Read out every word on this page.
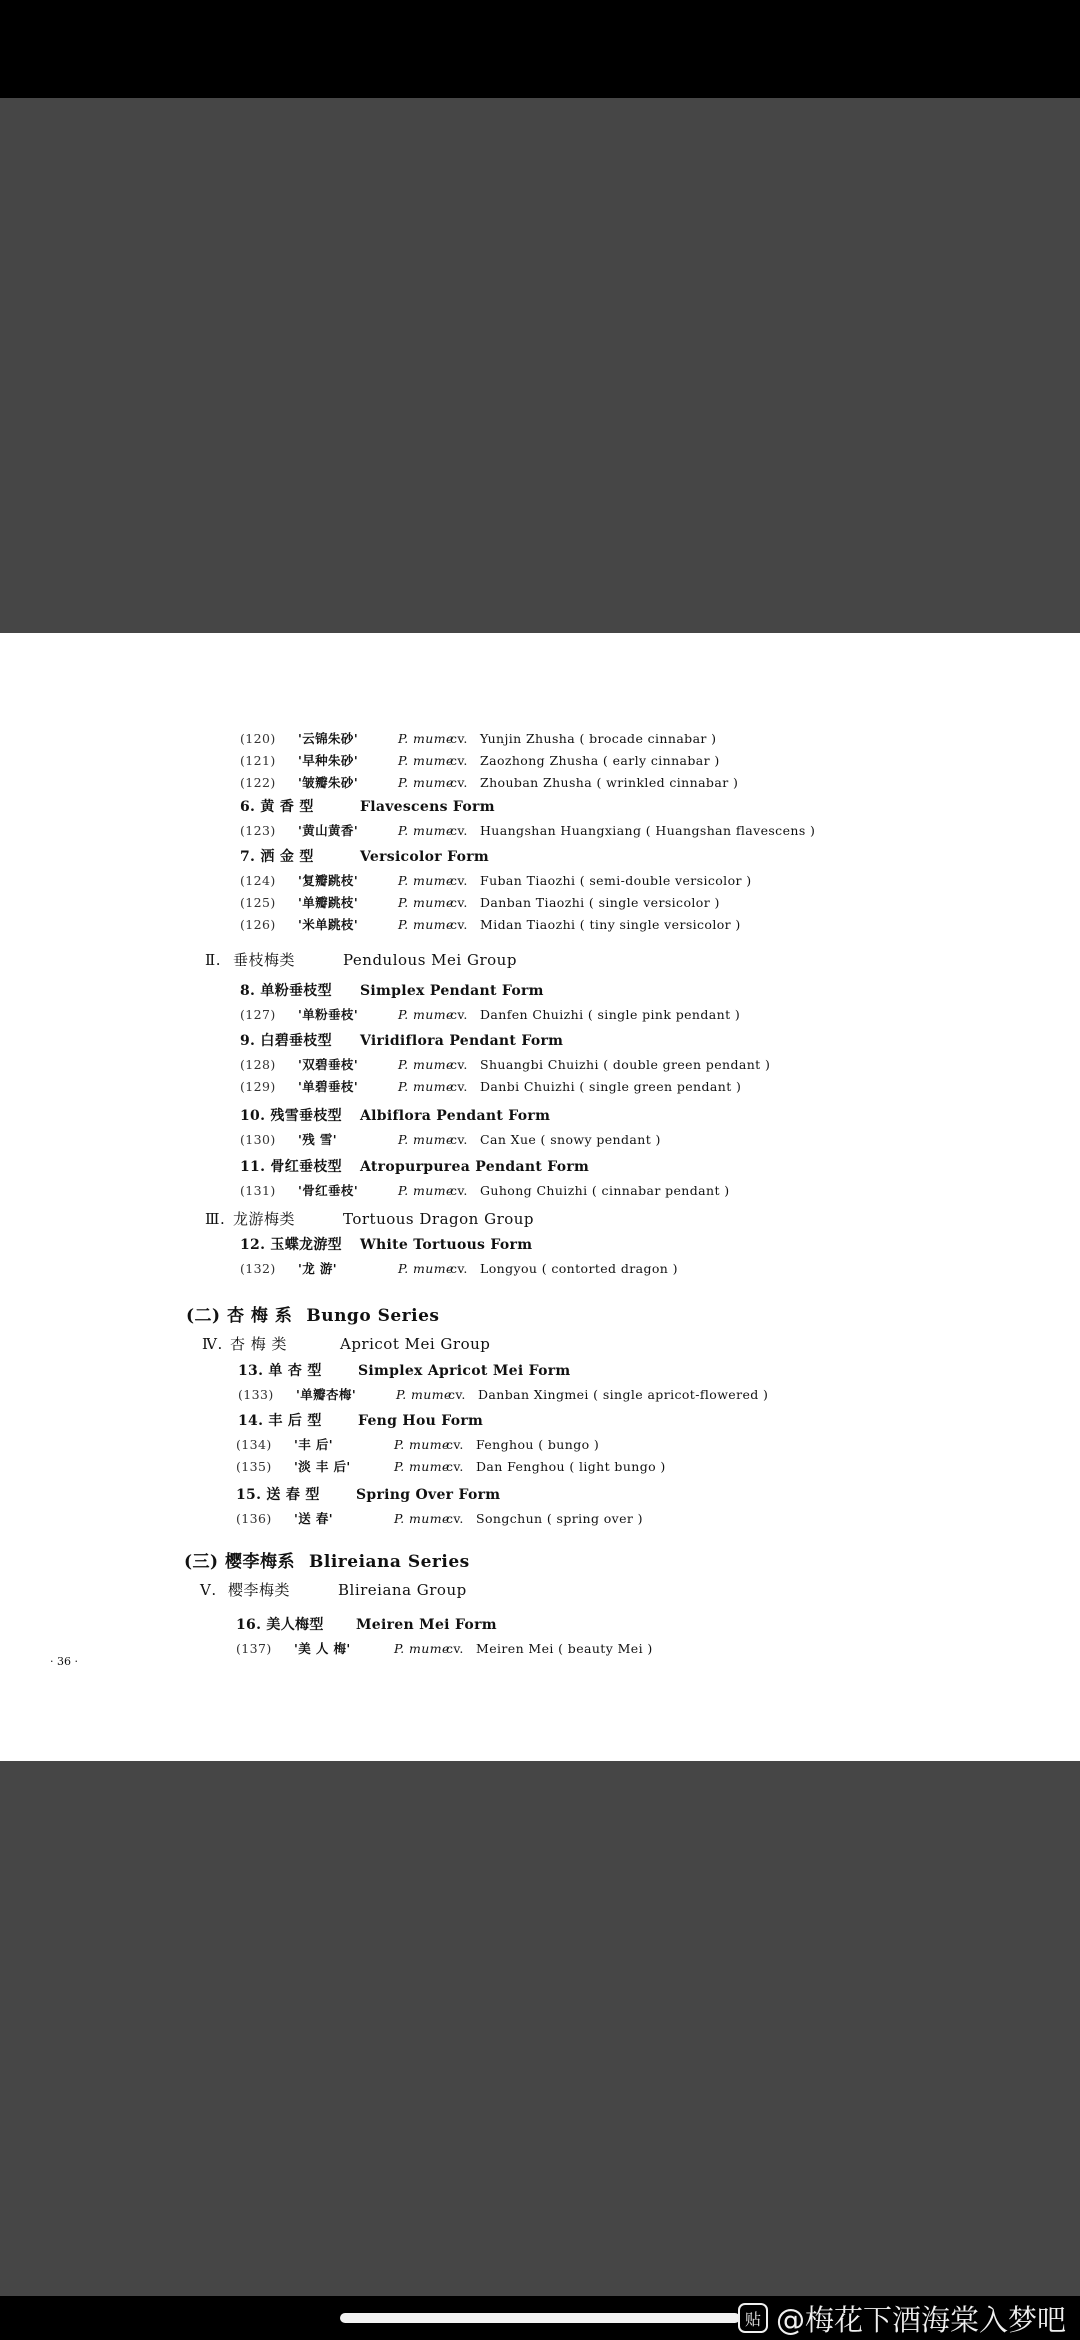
(120) '云锦朱砂'	P. mumecv. Yunjin Zhusha ( brocade cinnabar )
(121) '早种朱砂'	P. mumecv. Zaozhong Zhusha ( early cinnabar )
(122) '皱瓣朱砂'	P. mumecv. Zhouban Zhusha ( wrinkled cinnabar )
6. 黄 香 型	Flavescens Form
(123) '黄山黄香'	P. mumecv. Huangshan Huangxiang ( Huangshan flavescens )
7. 洒 金 型	Versicolor Form
(124) '复瓣跳枝'	P. mumecv. Fuban Tiaozhi ( semi-double versicolor )
(125) '单瓣跳枝'	P. mumecv. Danban Tiaozhi ( single versicolor )
(126) '米单跳枝'	P. mumecv. Midan Tiaozhi ( tiny single versicolor )
Ⅱ. 垂枝梅类	Pendulous Mei Group
8. 单粉垂枝型 Simplex Pendant Form
(127) '单粉垂枝'	P. mumecv. Danfen Chuizhi ( single pink pendant )
9. 白碧垂枝型 Viridiflora Pendant Form
(128) '双碧垂枝'	P. mumecv. Shuangbi Chuizhi ( double green pendant )
(129) '单碧垂枝'	P. mumecv. Danbi Chuizhi ( single green pendant )
10. 残雪垂枝型 Albiflora Pendant Form
(130) '残 雪'	P. mumecv. Can Xue ( snowy pendant )
11. 骨红垂枝型 Atropurpurea Pendant Form
(131) '骨红垂枝'	P. mumecv. Guhong Chuizhi ( cinnabar pendant )
Ⅲ. 龙游梅类	Tortuous Dragon Group
12. 玉蝶龙游型 White Tortuous Form
(132) '龙 游'	P. mumecv. Longyou ( contorted dragon )
(二) 杏 梅 系 Bungo Series
Ⅳ. 杏 梅 类	Apricot Mei Group
13. 单 杏 型	Simplex Apricot Mei Form
(133) '单瓣杏梅'	P. mumecv. Danban Xingmei ( single apricot-flowered )
14. 丰 后 型	Feng Hou Form
(134) '丰 后'	P. mumecv. Fenghou ( bungo )
(135) '淡 丰 后'	P. mumecv. Dan Fenghou ( light bungo )
15. 送 春 型	Spring Over Form
(136) '送 春'	P. mumecv. Songchun ( spring over )
(三) 樱李梅系 Blireiana Series
Ⅴ. 樱李梅类	Blireiana Group
16. 美人梅型 Meiren Mei Form
(137) '美 人 梅'	P. mumecv. Meiren Mei ( beauty Mei )
· 36 ·
贴 @梅花下酒海棠入梦吧
